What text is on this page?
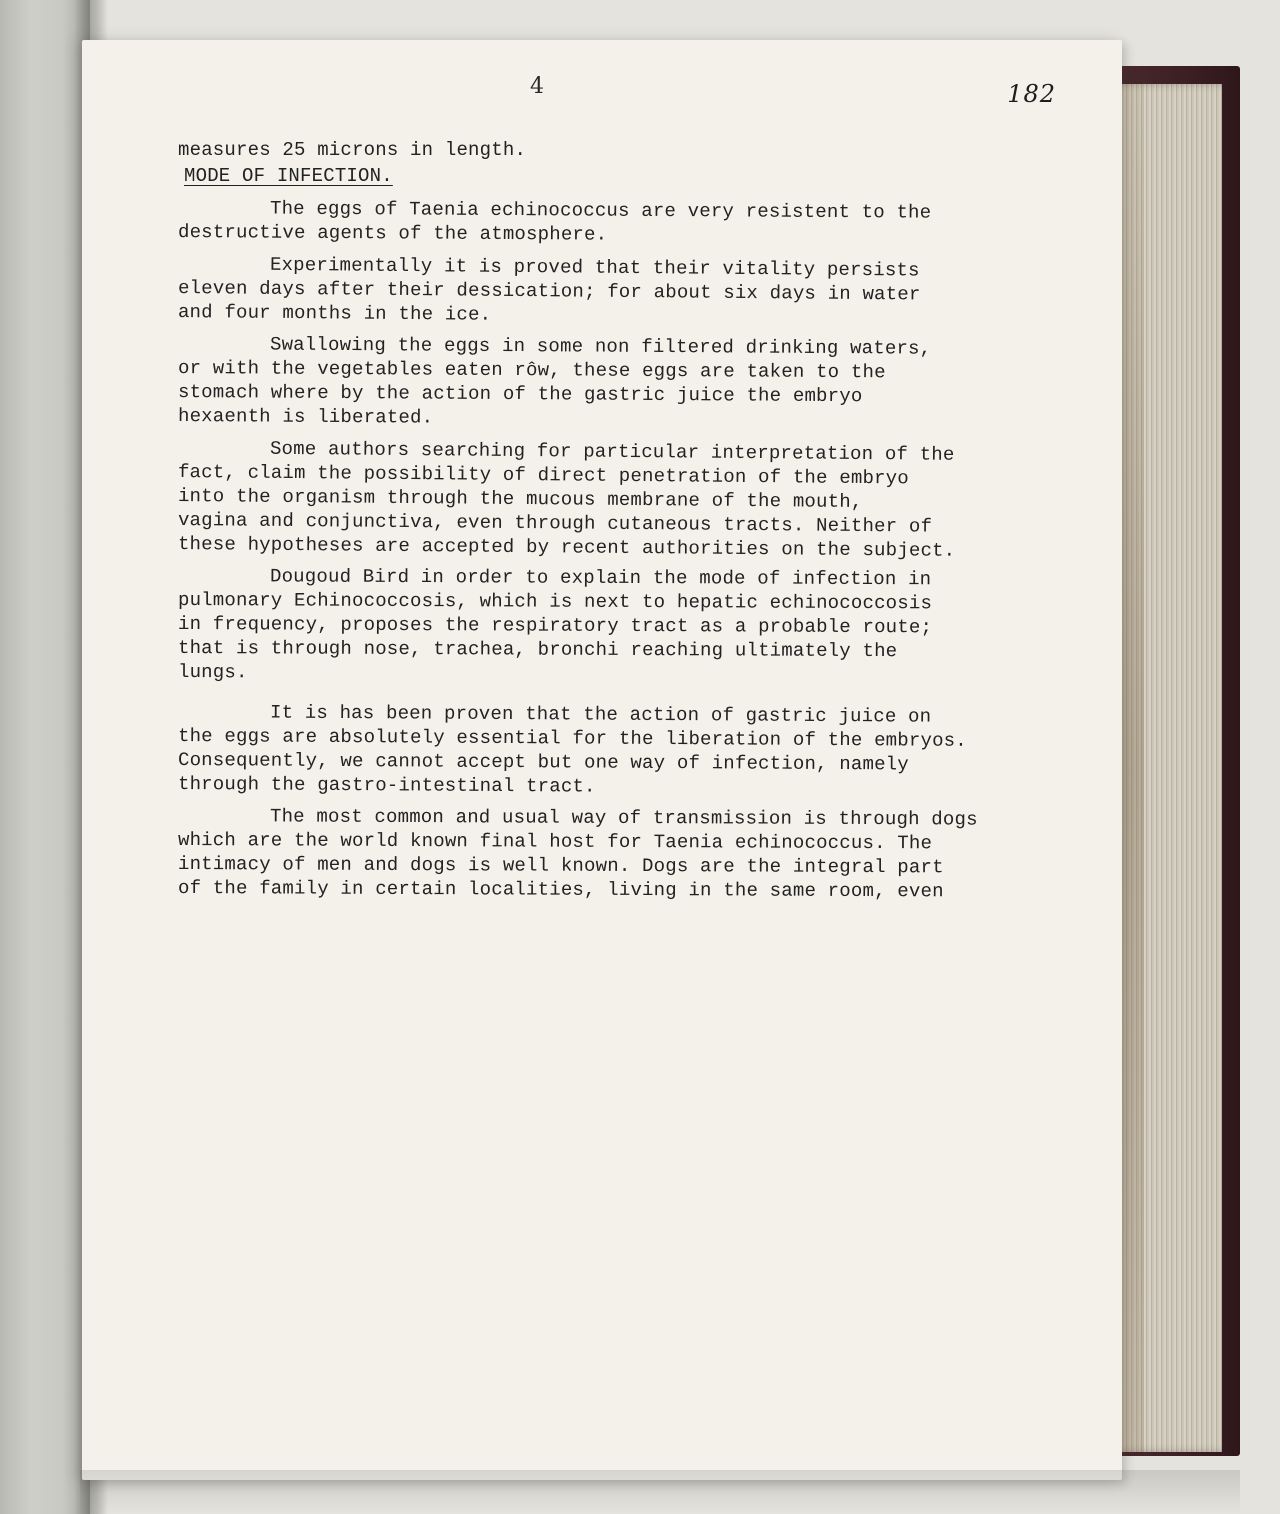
4	182
measures 25 microns in length.
MODE OF INFECTION.
The eggs of Taenia echinococcus are very resistent to the
destructive agents of the atmosphere.
Experimentally it is proved that their vitality persists
eleven days after their dessication; for about six days in water
and four months in the ice.
Swallowing the eggs in some non filtered drinking waters,
or with the vegetables eaten rôw, these eggs are taken to the
stomach where by the action of the gastric juice the embryo
hexaenth is liberated.
Some authors searching for particular interpretation of the
fact, claim the possibility of direct penetration of the embryo
into the organism through the mucous membrane of the mouth,
vagina and conjunctiva, even through cutaneous tracts. Neither of
these hypotheses are accepted by recent authorities on the subject.
Dougoud Bird in order to explain the mode of infection in
pulmonary Echinococcosis, which is next to hepatic echinococcosis
in frequency, proposes the respiratory tract as a probable route;
that is through nose, trachea, bronchi reaching ultimately the
lungs.
It is has been proven that the action of gastric juice on
the eggs are absolutely essential for the liberation of the embryos.
Consequently, we cannot accept but one way of infection, namely
through the gastro-intestinal tract.
The most common and usual way of transmission is through dogs
which are the world known final host for Taenia echinococcus. The
intimacy of men and dogs is well known. Dogs are the integral part
of the family in certain localities, living in the same room, even
